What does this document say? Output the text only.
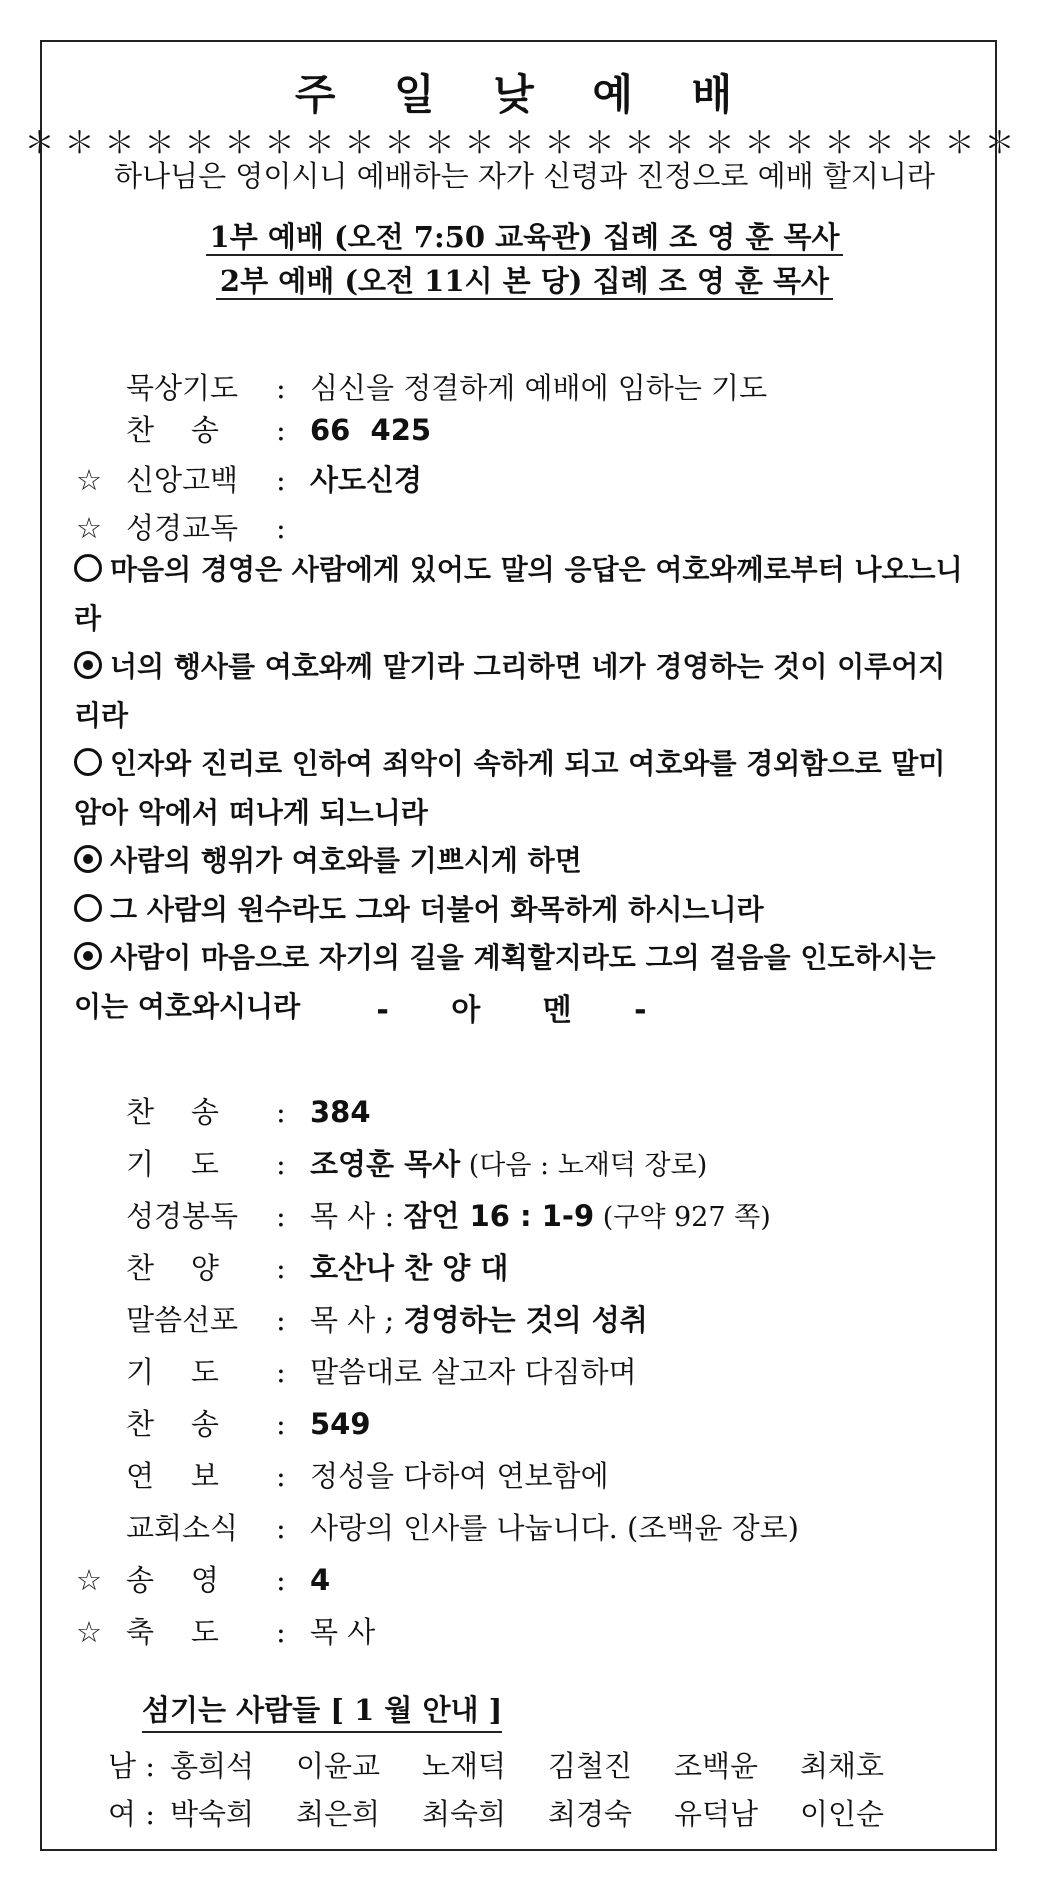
주 일 낮 예 배
＊＊＊＊＊＊＊＊＊＊＊＊＊＊＊＊＊＊＊＊＊＊＊＊＊
하나님은 영이시니 예배하는 자가 신령과 진정으로 예배 할지니라
1부 예배 (오전 7:50 교육관) 집례 조 영 훈 목사
2부 예배 (오전 11시 본 당) 집례 조 영 훈 목사
묵상기도 : 심신을 정결하게 예배에 임하는 기도
찬    송 : 66  425
☆ 신앙고백 : 사도신경
☆ 성경교독 :
마음의 경영은 사람에게 있어도 말의 응답은 여호와께로부터 나오느니라
너의 행사를 여호와께 맡기라 그리하면 네가 경영하는 것이 이루어지리라
인자와 진리로 인하여 죄악이 속하게 되고 여호와를 경외함으로 말미암아 악에서 떠나게 되느니라
사람의 행위가 여호와를 기쁘시게 하면
그 사람의 원수라도 그와 더불어 화목하게 하시느니라
사람이 마음으로 자기의 길을 계획할지라도 그의 걸음을 인도하시는 이는 여호와시니라	- 아 멘 -
찬    송 : 384
기    도 : 조영훈 목사 (다음 : 노재덕 장로)
성경봉독 : 목 사 : 잠언 16 : 1-9 (구약 927 쪽)
찬    양 : 호산나 찬 양 대
말씀선포 : 목 사 ; 경영하는 것의 성취
기    도 : 말씀대로 살고자 다짐하며
찬    송 : 549
연    보 : 정성을 다하여 연보함에
교회소식 : 사랑의 인사를 나눕니다. (조백윤 장로)
☆ 송    영 : 4
☆ 축    도 : 목 사
섬기는 사람들 [ 1 월 안내 ]
남 : 홍희석 이윤교 노재덕 김철진 조백윤 최채호
여 : 박숙희 최은희 최숙희 최경숙 유덕남 이인순
